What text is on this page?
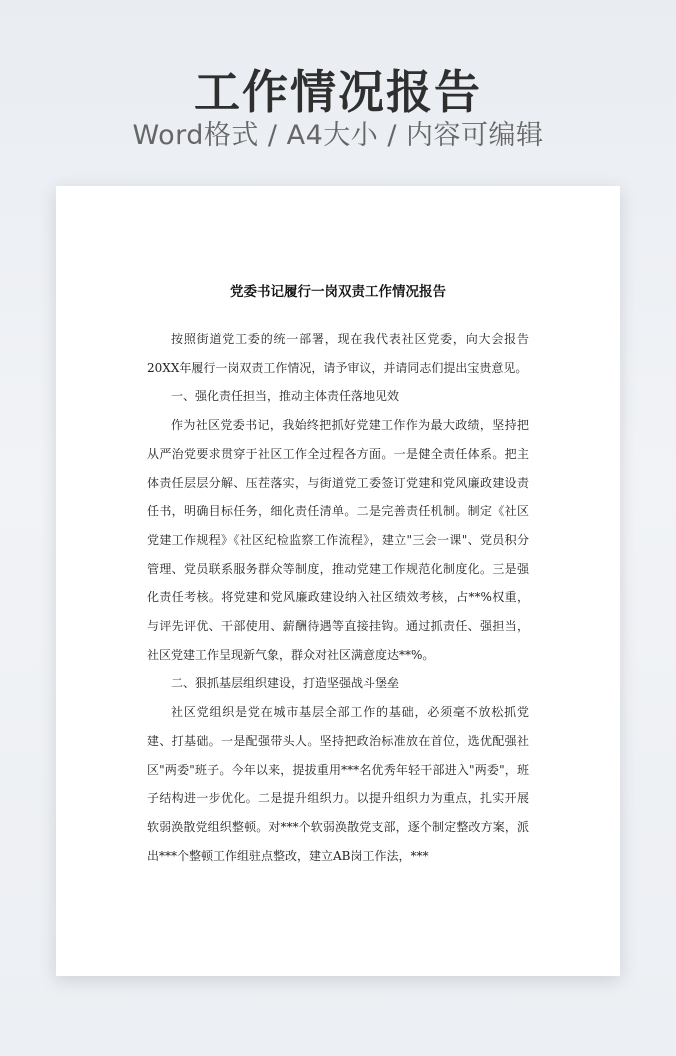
工作情况报告
Word格式 / A4大小 / 内容可编辑
党委书记履行一岗双责工作情况报告

按照街道党工委的统一部署，现在我代表社区党委，向大会报告20XX年履行一岗双责工作情况，请予审议，并请同志们提出宝贵意见。

一、强化责任担当，推动主体责任落地见效

作为社区党委书记，我始终把抓好党建工作作为最大政绩，坚持把从严治党要求贯穿于社区工作全过程各方面。一是健全责任体系。把主体责任层层分解、压茬落实，与街道党工委签订党建和党风廉政建设责任书，明确目标任务，细化责任清单。二是完善责任机制。制定《社区党建工作规程》《社区纪检监察工作流程》，建立"三会一课"、党员积分管理、党员联系服务群众等制度，推动党建工作规范化制度化。三是强化责任考核。将党建和党风廉政建设纳入社区绩效考核，占**%权重，与评先评优、干部使用、薪酬待遇等直接挂钩。通过抓责任、强担当，社区党建工作呈现新气象，群众对社区满意度达**%。

二、狠抓基层组织建设，打造坚强战斗堡垒

社区党组织是党在城市基层全部工作的基础，必须毫不放松抓党建、打基础。一是配强带头人。坚持把政治标准放在首位，选优配强社区"两委"班子。今年以来，提拔重用***名优秀年轻干部进入"两委"，班子结构进一步优化。二是提升组织力。以提升组织力为重点，扎实开展软弱涣散党组织整顿。对***个软弱涣散党支部，逐个制定整改方案，派出***个整顿工作组驻点整改，建立AB岗工作法，***
